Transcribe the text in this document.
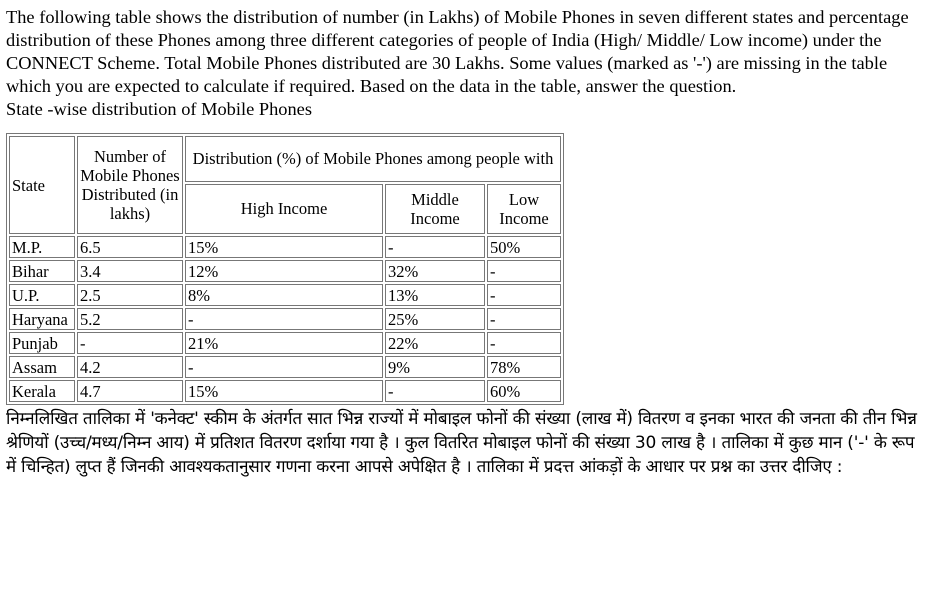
The following table shows the distribution of number (in Lakhs) of Mobile Phones in seven different states and percentage distribution of these Phones among three different categories of people of India (High/ Middle/ Low income) under the CONNECT Scheme. Total Mobile Phones distributed are 30 Lakhs. Some values (marked as '-') are missing in the table which you are expected to calculate if required. Based on the data in the table, answer the question.

State -wise distribution of Mobile Phones

State	Number of Mobile Phones Distributed (in lakhs)	Distribution (%) of Mobile Phones among people with		
		High Income	Middle Income	Low Income
M.P.	6.5	15%	-	50%
Bihar	3.4	12%	32%	-
U.P.	2.5	8%	13%	-
Haryana	5.2	-	25%	-
Punjab	-	21%	22%	-
Assam	4.2	-	9%	78%
Kerala	4.7	15%	-	60%

निम्नलिखित तालिका में 'कनेक्ट' स्कीम के अंतर्गत सात भिन्न राज्यों में मोबाइल फोनों की संख्या (लाख में) वितरण व इनका भारत की जनता की तीन भिन्न श्रेणियों (उच्च/मध्य/निम्न आय) में प्रतिशत वितरण दर्शाया गया है । कुल वितरित मोबाइल फोनों की संख्या 30 लाख है । तालिका में कुछ मान ('-' के रूप में चिन्हित) लुप्त हैं जिनकी आवश्यकतानुसार गणना करना आपसे अपेक्षित है । तालिका में प्रदत्त आंकड़ों के आधार पर प्रश्न का उत्तर दीजिए :
